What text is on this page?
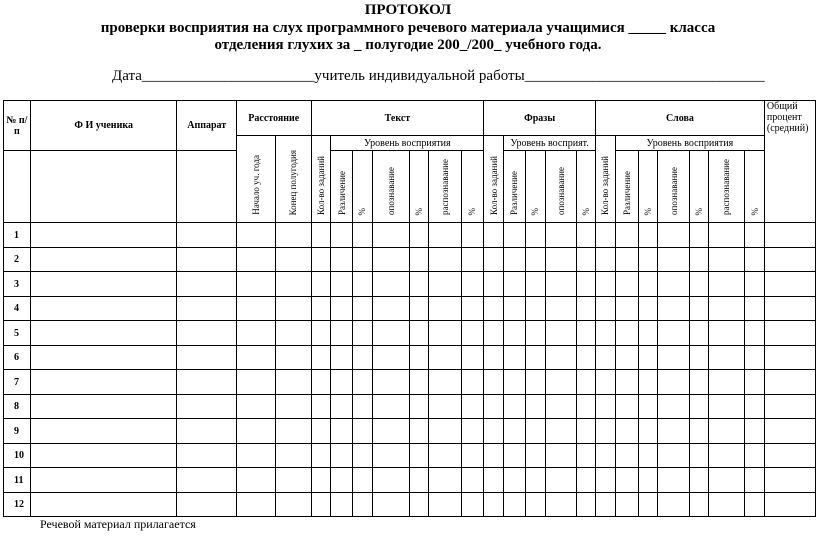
ПРОТОКОЛ
проверки восприятия на слух программного речевого материала учащимися _____ класса
отделения глухих за _ полугодие 200_/200_ учебного года.
Дата_______________________учитель индивидуальной работы________________________________
№ п/п	Ф И ученика	Аппарат	Расстояние		Текст							Фразы					Слова							Общий процент (средний)
			Начало уч. года	Конец полугодия	Кол-во заданий	Уровень восприятия						Кол-во заданий	Уровень восприят.				Кол-во заданий	Уровень восприятия						
						Различение	%	опознавание	%	распознавание	%		Различение	%	опознавание	%		Различение	%	опознавание	%	распознавание	%	
1																								
2																								
3																								
4																								
5																								
6																								
7																								
8																								
9																								
10																								
11																								
12																								
Речевой материал прилагается
